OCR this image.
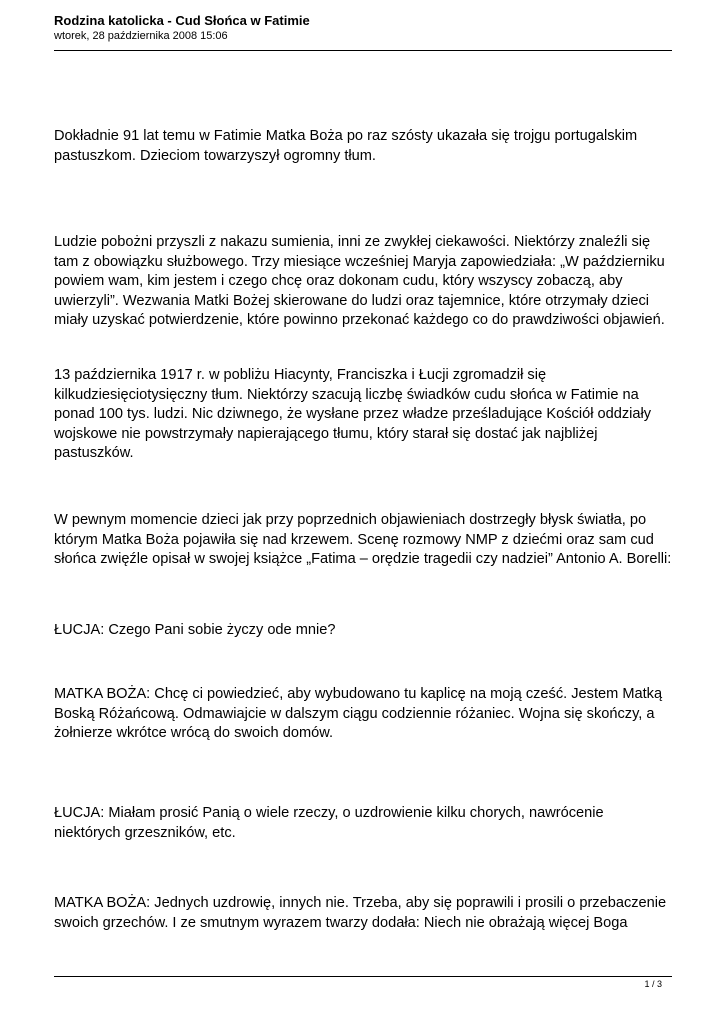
Rodzina katolicka - Cud Słońca w Fatimie
wtorek, 28 października 2008 15:06
Dokładnie 91 lat temu w Fatimie Matka Boża po raz szósty ukazała się trojgu portugalskim
pastuszkom. Dzieciom towarzyszył ogromny tłum.
Ludzie pobożni przyszli z nakazu sumienia, inni ze zwykłej ciekawości. Niektórzy znaleźli się
tam z obowiązku służbowego. Trzy miesiące wcześniej Maryja zapowiedziała: „W październiku
powiem wam, kim jestem i czego chcę oraz dokonam cudu, który wszyscy zobaczą, aby
uwierzyli”. Wezwania Matki Bożej skierowane do ludzi oraz tajemnice, które otrzymały dzieci
miały uzyskać potwierdzenie, które powinno przekonać każdego co do prawdziwości objawień.
13 października 1917 r. w pobliżu Hiacynty, Franciszka i Łucji zgromadził się
kilkudziesięciotysięczny tłum. Niektórzy szacują liczbę świadków cudu słońca w Fatimie na
ponad 100 tys. ludzi. Nic dziwnego, że wysłane przez władze prześladujące Kościół oddziały
wojskowe nie powstrzymały napierającego tłumu, który starał się dostać jak najbliżej
pastuszków.
W pewnym momencie dzieci jak przy poprzednich objawieniach dostrzegły błysk światła, po
którym Matka Boża pojawiła się nad krzewem. Scenę rozmowy NMP z dziećmi oraz sam cud
słońca zwięźle opisał w swojej książce „Fatima – orędzie tragedii czy nadziei” Antonio A. Borelli:
ŁUCJA: Czego Pani sobie życzy ode mnie?
MATKA BOŻA: Chcę ci powiedzieć, aby wybudowano tu kaplicę na moją cześć. Jestem Matką
Boską Różańcową. Odmawiajcie w dalszym ciągu codziennie różaniec. Wojna się skończy, a
żołnierze wkrótce wrócą do swoich domów.
ŁUCJA: Miałam prosić Panią o wiele rzeczy, o uzdrowienie kilku chorych, nawrócenie
niektórych grzeszników, etc.
MATKA BOŻA: Jednych uzdrowię, innych nie. Trzeba, aby się poprawili i prosili o przebaczenie
swoich grzechów. I ze smutnym wyrazem twarzy dodała: Niech nie obrażają więcej Boga
1 / 3
